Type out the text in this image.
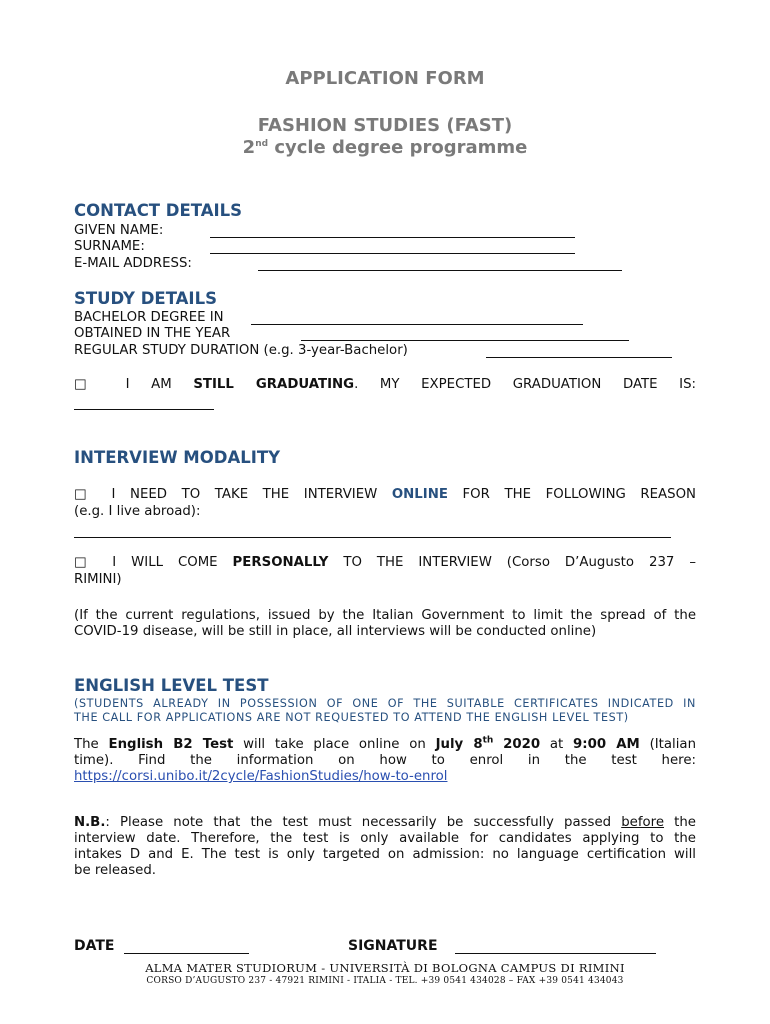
APPLICATION FORM
FASHION STUDIES (FAST)
2nd cycle degree programme
CONTACT DETAILS
GIVEN NAME:
SURNAME:
E-MAIL ADDRESS:
STUDY DETAILS
BACHELOR DEGREE IN
OBTAINED IN THE YEAR
REGULAR STUDY DURATION (e.g. 3-year-Bachelor)
□ I AM STILL GRADUATING. MY EXPECTED GRADUATION DATE IS:
INTERVIEW MODALITY
□ I NEED TO TAKE THE INTERVIEW ONLINE FOR THE FOLLOWING REASON
(e.g. I live abroad):
□ I WILL COME PERSONALLY TO THE INTERVIEW (Corso D’Augusto 237 –
RIMINI)
(If the current regulations, issued by the Italian Government to limit the spread of the
COVID-19 disease, will be still in place, all interviews will be conducted online)
ENGLISH LEVEL TEST
(STUDENTS ALREADY IN POSSESSION OF ONE OF THE SUITABLE CERTIFICATES INDICATED IN
THE CALL FOR APPLICATIONS ARE NOT REQUESTED TO ATTEND THE ENGLISH LEVEL TEST)
The English B2 Test will take place online on July 8th 2020 at 9:00 AM (Italian
time). Find the information on how to enrol in the test here:
https://corsi.unibo.it/2cycle/FashionStudies/how-to-enrol
N.B.: Please note that the test must necessarily be successfully passed before the
interview date. Therefore, the test is only available for candidates applying to the
intakes D and E. The test is only targeted on admission: no language certification will
be released.
DATE	SIGNATURE
ALMA MATER STUDIORUM - UNIVERSITÀ DI BOLOGNA CAMPUS DI RIMINI
CORSO D’AUGUSTO 237 - 47921 RIMINI - ITALIA - TEL. +39 0541 434028 – FAX +39 0541 434043
